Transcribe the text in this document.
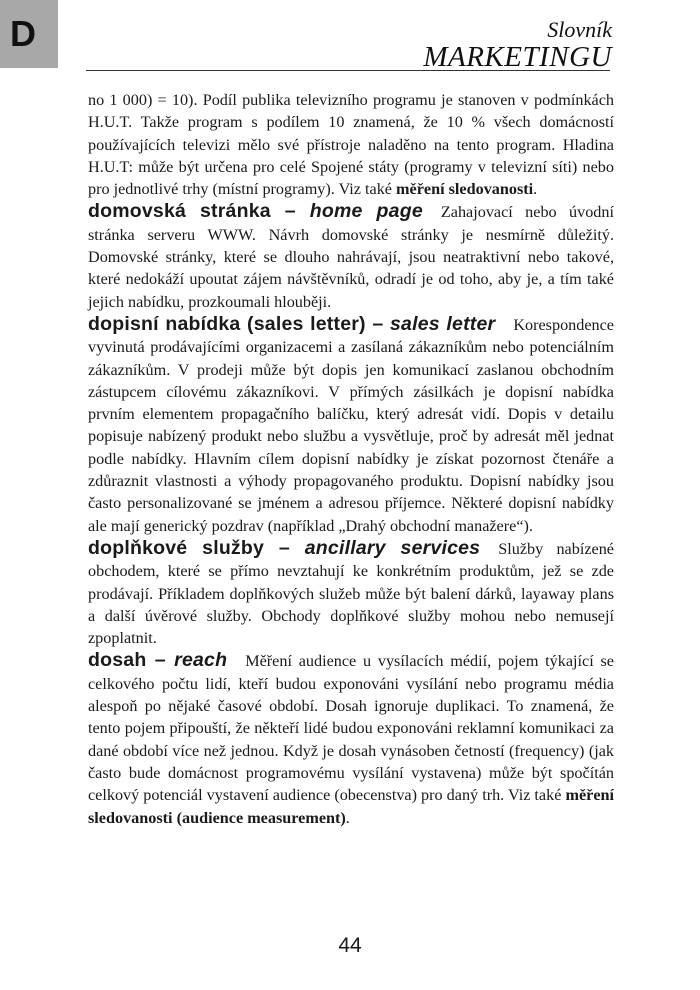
D	Slovník
MARKETINGU

no 1 000) = 10). Podíl publika televizního programu je stanoven v podmínkách H.U.T. Takže program s podílem 10 znamená, že 10 % všech domácností používajících televizi mělo své přístroje naladěno na tento program. Hladina H.U.T: může být určena pro celé Spojené státy (programy v televizní síti) nebo pro jednotlivé trhy (místní programy). Viz také měření sledovanosti.

domovská stránka – home page Zahajovací nebo úvodní stránka serveru WWW. Návrh domovské stránky je nesmírně důležitý. Domovské stránky, které se dlouho nahrávají, jsou neatraktivní nebo takové, které nedokáží upoutat zájem návštěvníků, odradí je od toho, aby je, a tím také jejich nabídku, prozkoumali hlouběji.

dopisní nabídka (sales letter) – sales letter Korespondence vyvinutá prodávajícími organizacemi a zasílaná zákazníkům nebo potenciálním zákazníkům. V prodeji může být dopis jen komunikací zaslanou obchodním zástupcem cílovému zákazníkovi. V přímých zásilkách je dopisní nabídka prvním elementem propagačního balíčku, který adresát vidí. Dopis v detailu popisuje nabízený produkt nebo službu a vysvětluje, proč by adresát měl jednat podle nabídky. Hlavním cílem dopisní nabídky je získat pozornost čtenáře a zdůraznit vlastnosti a výhody propagovaného produktu. Dopisní nabídky jsou často personalizované se jménem a adresou příjemce. Některé dopisní nabídky ale mají generický pozdrav (například „Drahý obchodní manažere“).

doplňkové služby – ancillary services Služby nabízené obchodem, které se přímo nevztahují ke konkrétním produktům, jež se zde prodávají. Příkladem doplňkových služeb může být balení dárků, layaway plans a další úvěrové služby. Obchody doplňkové služby mohou nebo nemusejí zpoplatnit.

dosah – reach Měření audience u vysílacích médií, pojem týkající se celkového počtu lidí, kteří budou exponováni vysílání nebo programu média alespoň po nějaké časové období. Dosah ignoruje duplikaci. To znamená, že tento pojem připouští, že někteří lidé budou exponováni reklamní komunikaci za dané období více než jednou. Když je dosah vynásoben četností (frequency) (jak často bude domácnost programovému vysílání vystavena) může být spočítán celkový potenciál vystavení audience (obecenstva) pro daný trh. Viz také měření sledovanosti (audience measurement).

44
